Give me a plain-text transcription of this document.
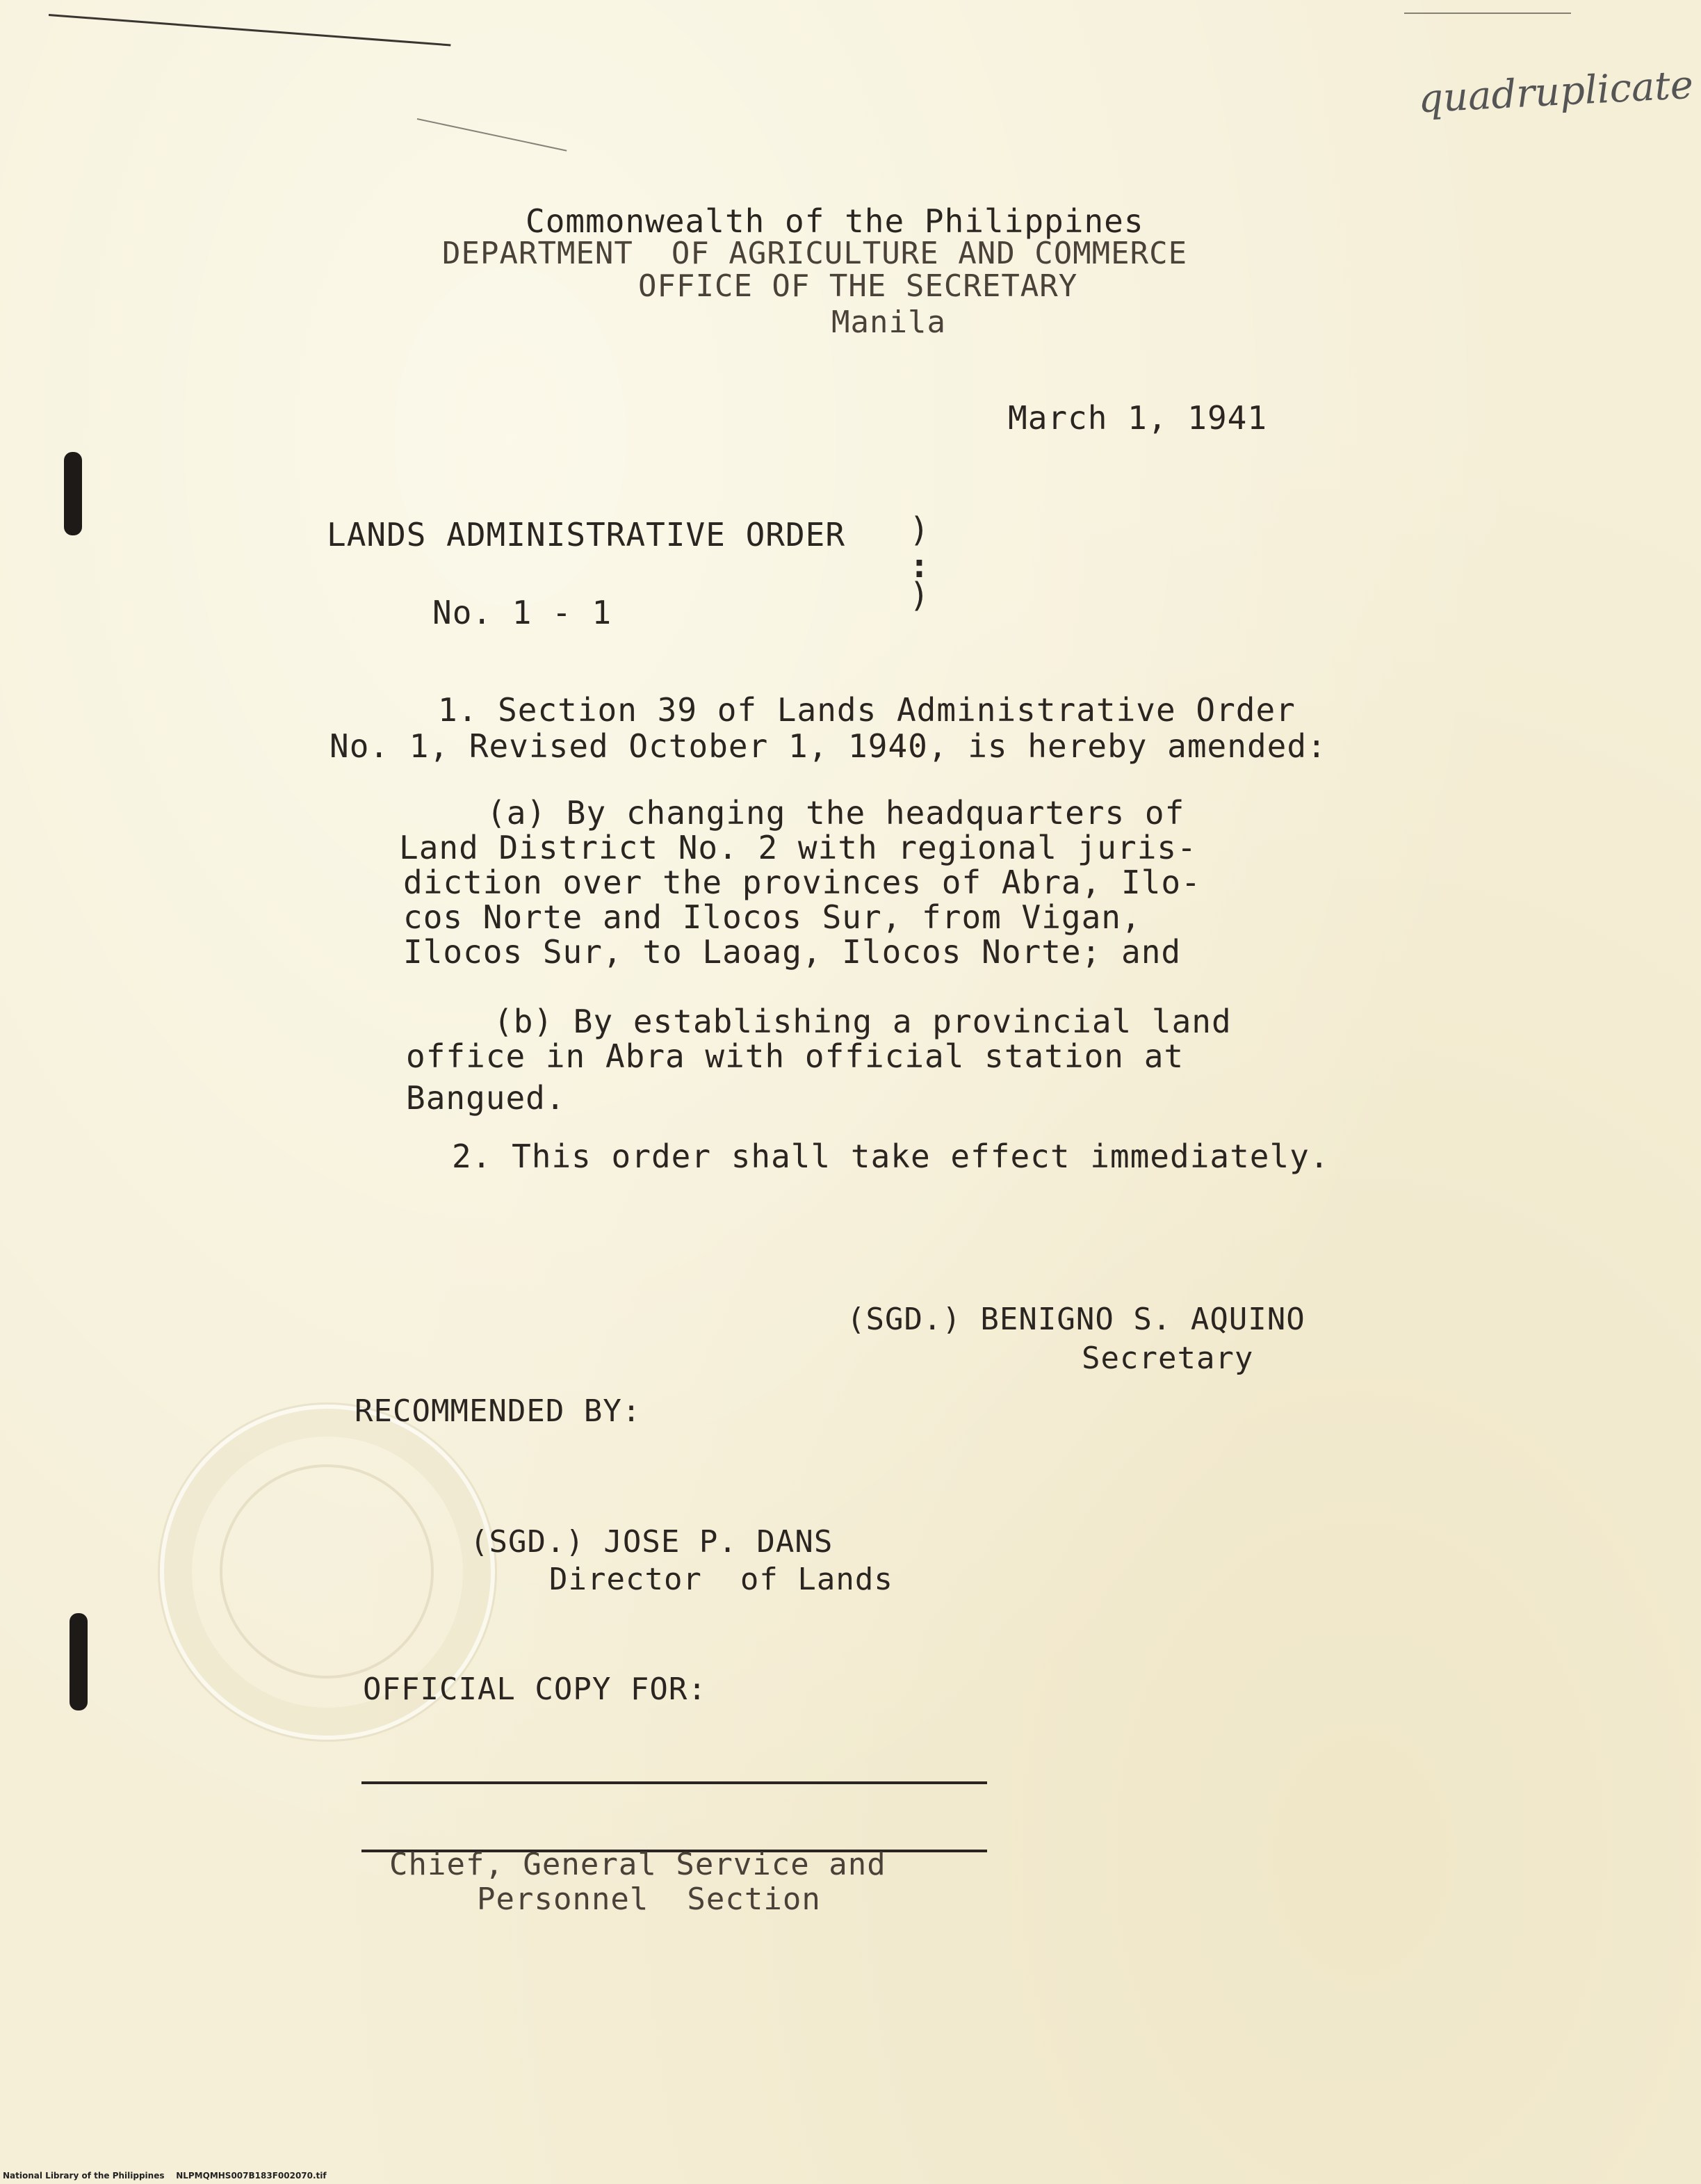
quadruplicate
Commonwealth of the Philippines
DEPARTMENT  OF AGRICULTURE AND COMMERCE
OFFICE OF THE SECRETARY
Manila
March 1, 1941
LANDS ADMINISTRATIVE ORDER )
:
)
No. 1 - 1
1. Section 39 of Lands Administrative Order
No. 1, Revised October 1, 1940, is hereby amended:
(a) By changing the headquarters of
Land District No. 2 with regional juris-
diction over the provinces of Abra, Ilo-
cos Norte and Ilocos Sur, from Vigan,
Ilocos Sur, to Laoag, Ilocos Norte; and
(b) By establishing a provincial land
office in Abra with official station at
Bangued.
2. This order shall take effect immediately.
(SGD.) BENIGNO S. AQUINO
Secretary
RECOMMENDED BY:
(SGD.) JOSE P. DANS
Director  of Lands
OFFICIAL COPY FOR:
Chief, General Service and
Personnel  Section
National Library of the Philippines    NLPMQMHS007B183F002070.tif
